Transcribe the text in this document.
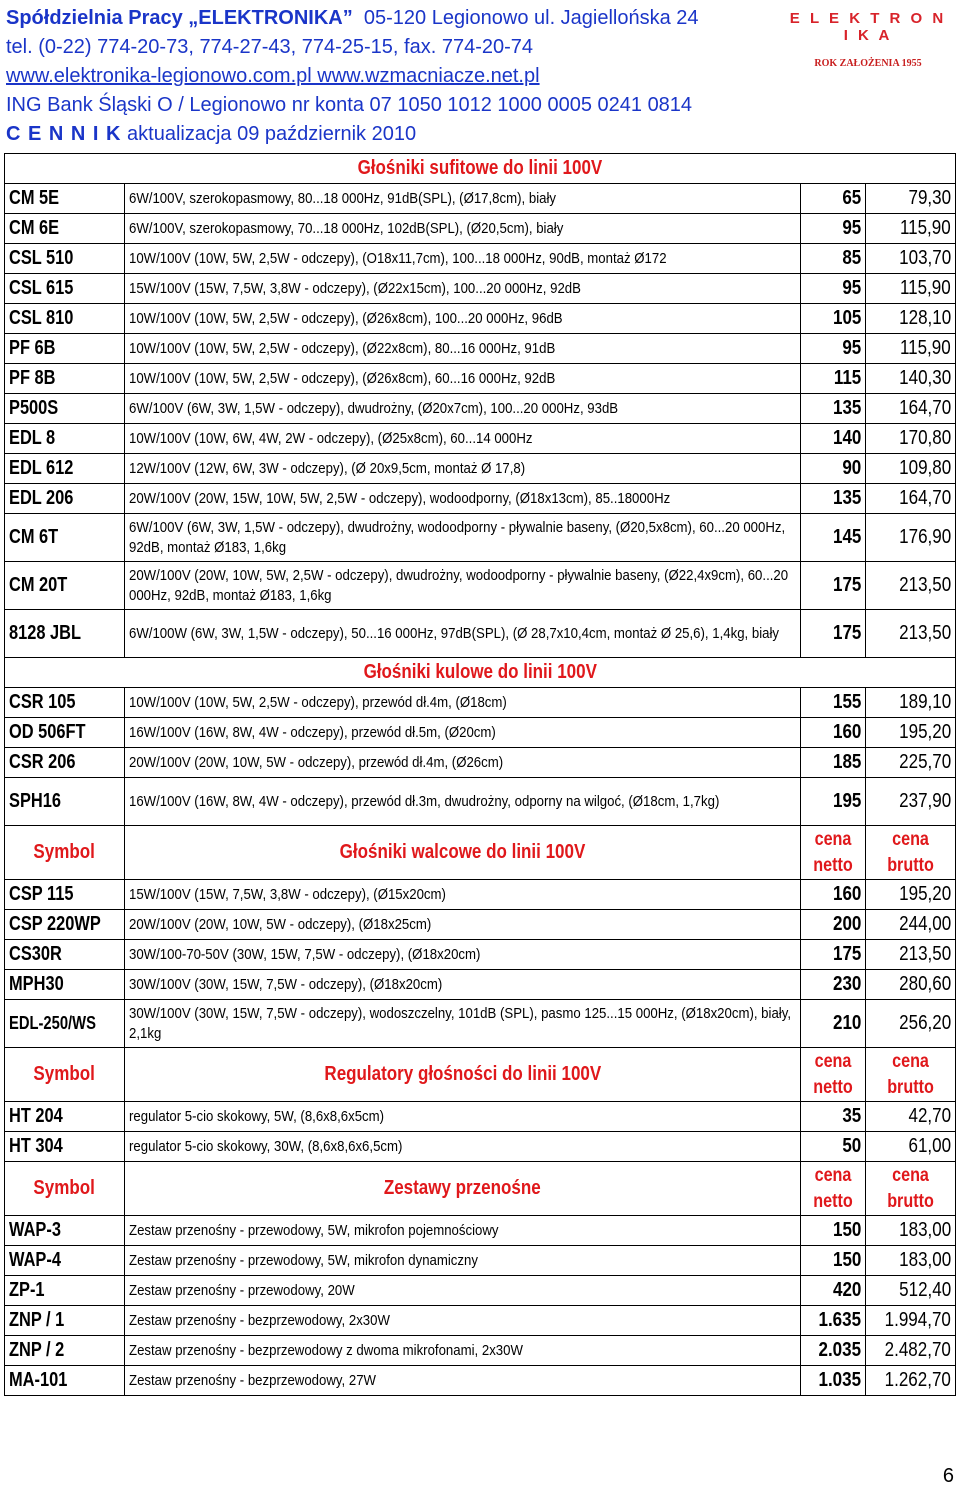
Spółdzielnia Pracy „ELEKTRONIKA” 05-120 Legionowo ul. Jagiellońska 24
tel. (0-22) 774-20-73, 774-27-43, 774-25-15, fax. 774-20-74
www.elektronika-legionowo.com.pl www.wzmacniacze.net.pl
ING Bank Śląski O / Legionowo nr konta 07 1050 1012 1000 0005 0241 0814
C E N N I K aktualizacja 09 październik 2010
E L E K T R O N I K A
ROK ZAŁOŻENIA 1955
Głośniki sufitowe do linii 100V			
CM 5E	6W/100V, szerokopasmowy, 80...18 000Hz, 91dB(SPL), (Ø17,8cm), biały	65	79,30
CM 6E	6W/100V, szerokopasmowy, 70...18 000Hz, 102dB(SPL), (Ø20,5cm), biały	95	115,90
CSL 510	10W/100V (10W, 5W, 2,5W - odczepy), (O18x11,7cm), 100...18 000Hz, 90dB, montaż Ø172	85	103,70
CSL 615	15W/100V (15W, 7,5W, 3,8W - odczepy), (Ø22x15cm), 100...20 000Hz, 92dB	95	115,90
CSL 810	10W/100V (10W, 5W, 2,5W - odczepy), (Ø26x8cm), 100...20 000Hz, 96dB	105	128,10
PF 6B	10W/100V (10W, 5W, 2,5W - odczepy), (Ø22x8cm), 80...16 000Hz, 91dB	95	115,90
PF 8B	10W/100V (10W, 5W, 2,5W - odczepy), (Ø26x8cm), 60...16 000Hz, 92dB	115	140,30
P500S	6W/100V (6W, 3W, 1,5W - odczepy), dwudrożny, (Ø20x7cm), 100...20 000Hz, 93dB	135	164,70
EDL 8	10W/100V (10W, 6W, 4W, 2W - odczepy), (Ø25x8cm), 60...14 000Hz	140	170,80
EDL 612	12W/100V (12W, 6W, 3W - odczepy), (Ø 20x9,5cm, montaż Ø 17,8)	90	109,80
EDL 206	20W/100V (20W, 15W, 10W, 5W, 2,5W - odczepy), wodoodporny, (Ø18x13cm), 85..18000Hz	135	164,70
CM 6T	6W/100V (6W, 3W, 1,5W - odczepy), dwudrożny, wodoodporny - pływalnie baseny, (Ø20,5x8cm), 60...20 000Hz, 92dB, montaż Ø183, 1,6kg	145	176,90
CM 20T	20W/100V (20W, 10W, 5W, 2,5W - odczepy), dwudrożny, wodoodporny - pływalnie baseny, (Ø22,4x9cm), 60...20 000Hz, 92dB, montaż Ø183, 1,6kg	175	213,50
8128 JBL	6W/100W (6W, 3W, 1,5W - odczepy), 50...16 000Hz, 97dB(SPL), (Ø 28,7x10,4cm, montaż Ø 25,6), 1,4kg, biały	175	213,50
Głośniki kulowe do linii 100V			
CSR 105	10W/100V (10W, 5W, 2,5W - odczepy), przewód dł.4m, (Ø18cm)	155	189,10
OD 506FT	16W/100V (16W, 8W, 4W - odczepy), przewód dł.5m, (Ø20cm)	160	195,20
CSR 206	20W/100V (20W, 10W, 5W - odczepy), przewód dł.4m, (Ø26cm)	185	225,70
SPH16	16W/100V (16W, 8W, 4W - odczepy), przewód dł.3m, dwudrożny, odporny na wilgoć, (Ø18cm, 1,7kg)	195	237,90
Symbol	Głośniki walcowe do linii 100V	cena netto	cena brutto
CSP 115	15W/100V (15W, 7,5W, 3,8W - odczepy), (Ø15x20cm)	160	195,20
CSP 220WP	20W/100V (20W, 10W, 5W - odczepy), (Ø18x25cm)	200	244,00
CS30R	30W/100-70-50V (30W, 15W, 7,5W - odczepy), (Ø18x20cm)	175	213,50
MPH30	30W/100V (30W, 15W, 7,5W - odczepy), (Ø18x20cm)	230	280,60
EDL-250/WS	30W/100V (30W, 15W, 7,5W - odczepy), wodoszczelny, 101dB (SPL), pasmo 125...15 000Hz, (Ø18x20cm), biały, 2,1kg	210	256,20
Symbol	Regulatory głośności do linii 100V	cena netto	cena brutto
HT 204	regulator 5-cio skokowy, 5W, (8,6x8,6x5cm)	35	42,70
HT 304	regulator 5-cio skokowy, 30W, (8,6x8,6x6,5cm)	50	61,00
Symbol	Zestawy przenośne	cena netto	cena brutto
WAP-3	Zestaw przenośny - przewodowy, 5W, mikrofon pojemnościowy	150	183,00
WAP-4	Zestaw przenośny - przewodowy, 5W, mikrofon dynamiczny	150	183,00
ZP-1	Zestaw przenośny - przewodowy, 20W	420	512,40
ZNP / 1	Zestaw przenośny - bezprzewodowy, 2x30W	1.635	1.994,70
ZNP / 2	Zestaw przenośny - bezprzewodowy z dwoma mikrofonami, 2x30W	2.035	2.482,70
MA-101	Zestaw przenośny - bezprzewodowy, 27W	1.035	1.262,70
6
